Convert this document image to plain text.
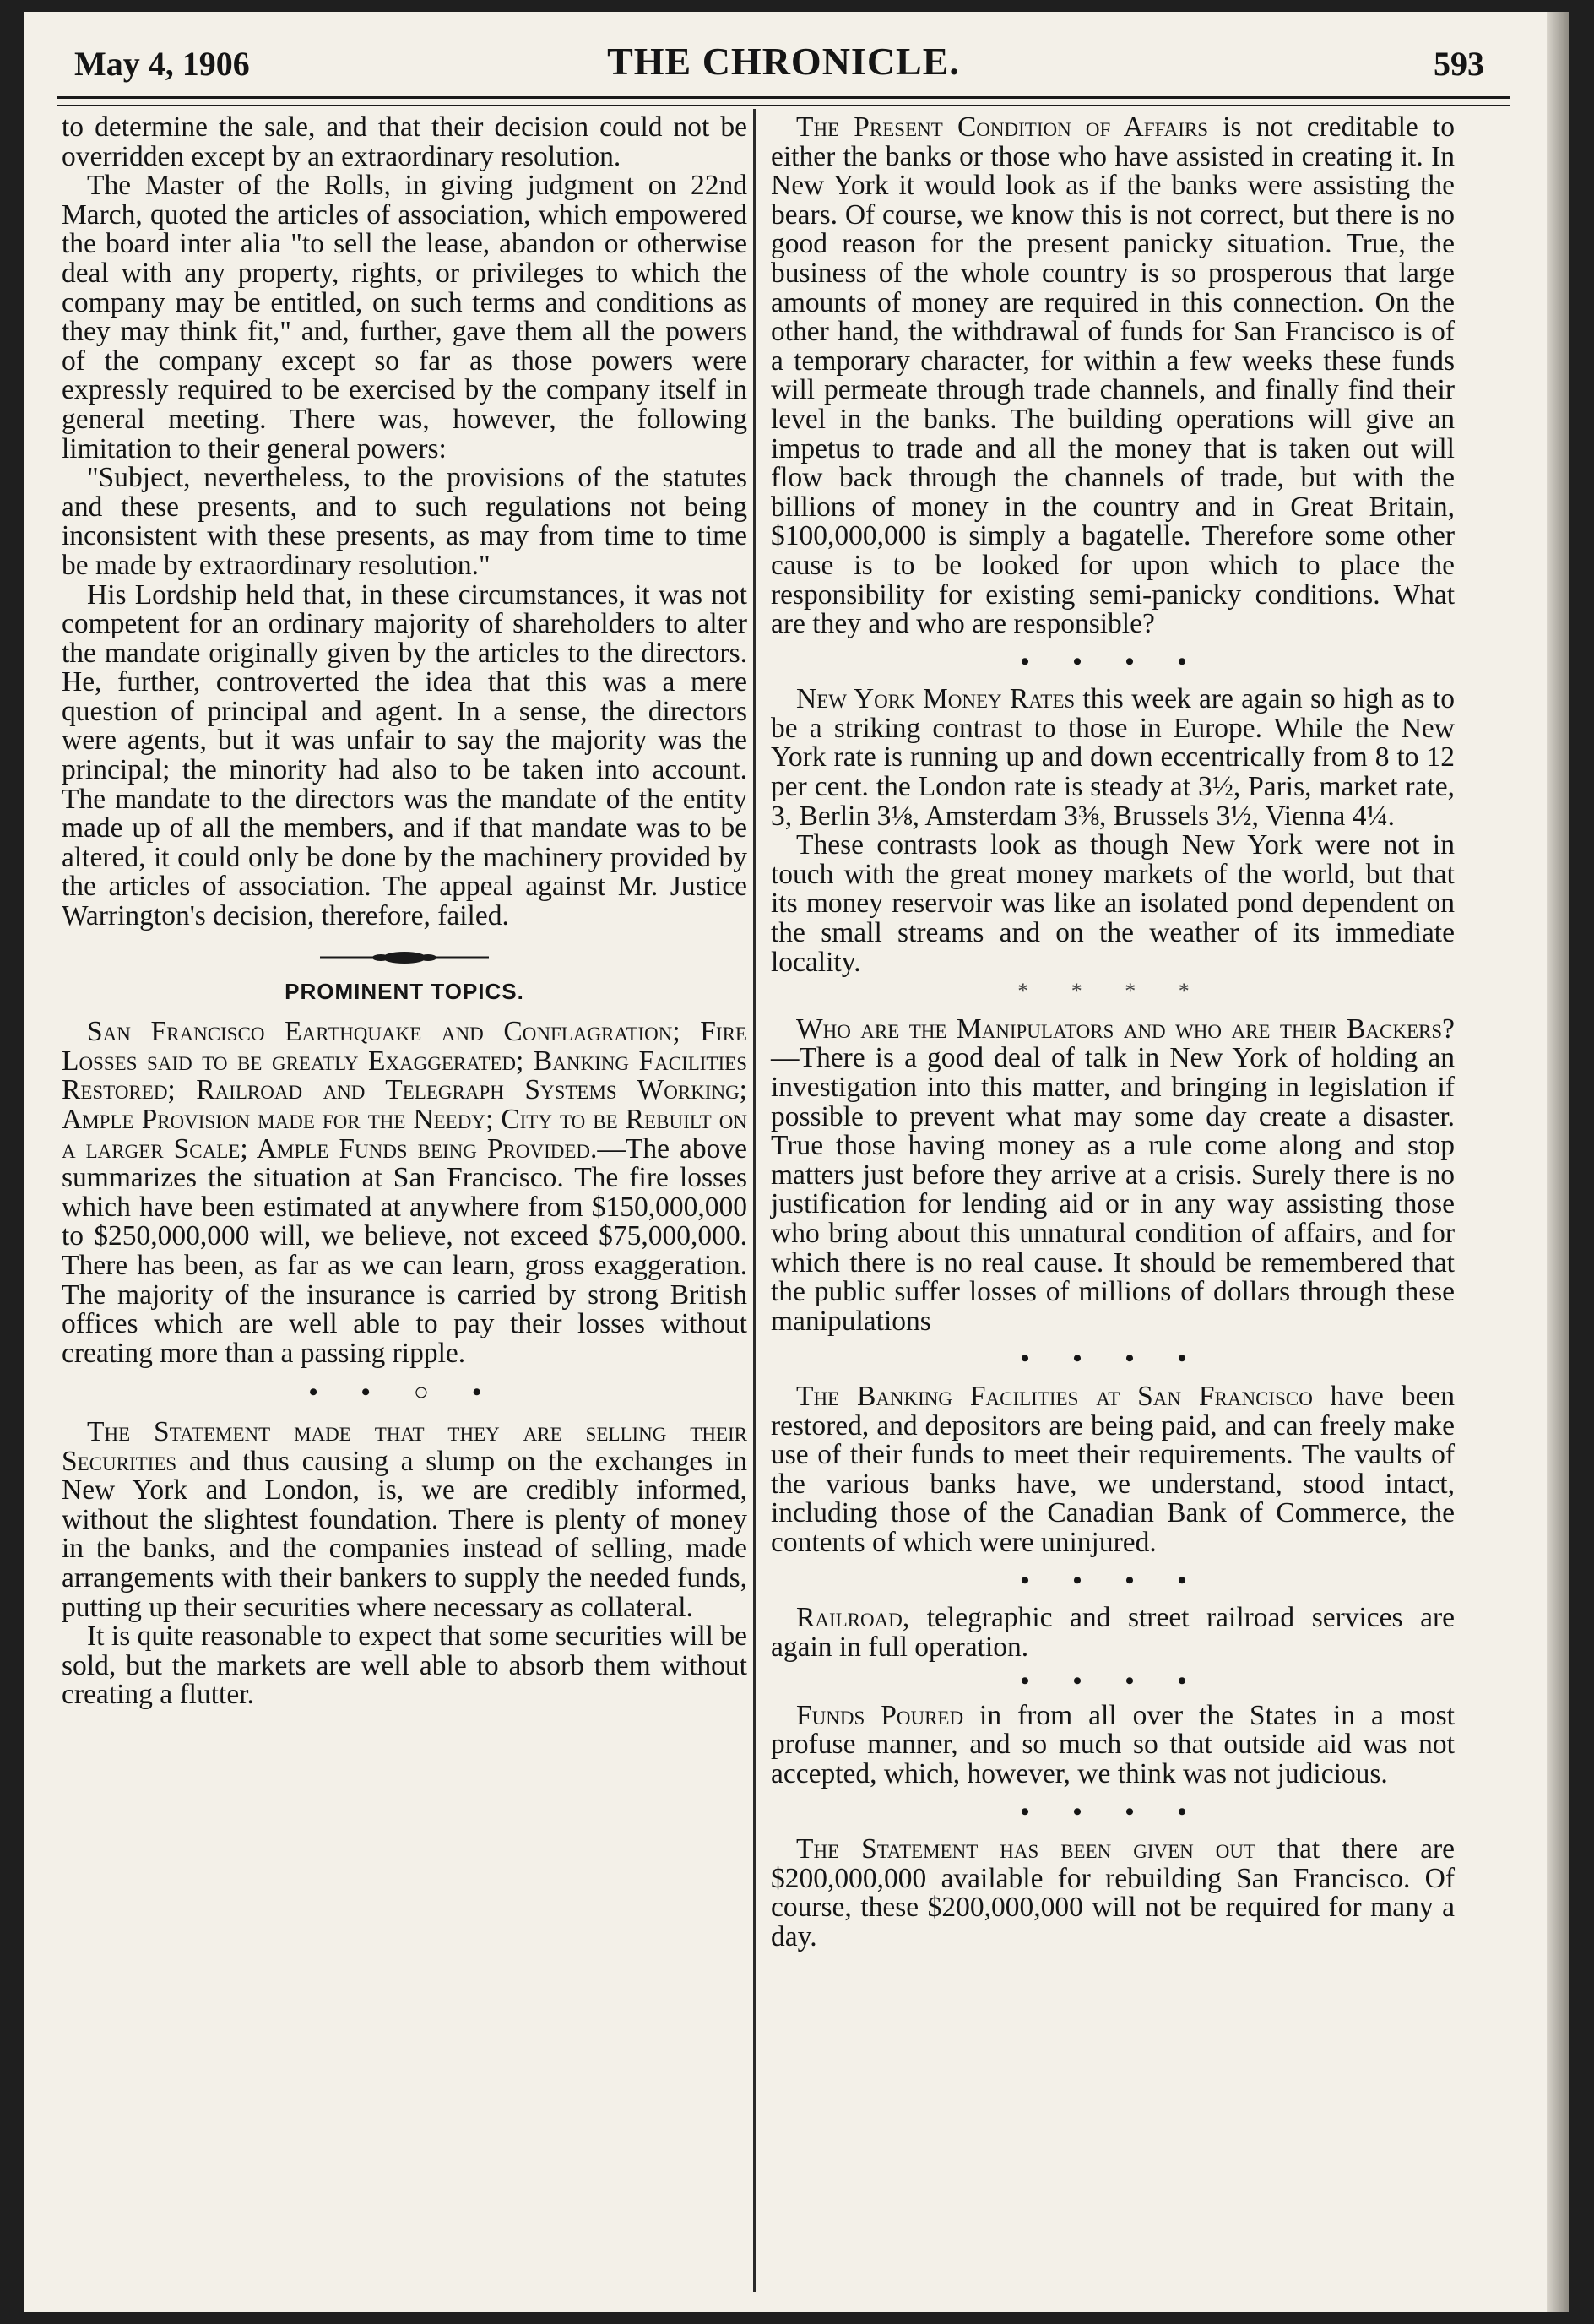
May 4, 1906	THE CHRONICLE.	593

to determine the sale, and that their decision could not be overridden except by an extraordinary resolution.

The Master of the Rolls, in giving judgment on 22nd March, quoted the articles of association, which empowered the board inter alia "to sell the lease, abandon or otherwise deal with any property, rights, or privileges to which the company may be entitled, on such terms and conditions as they may think fit," and, further, gave them all the powers of the company except so far as those powers were expressly required to be exercised by the company itself in general meeting. There was, however, the following limitation to their general powers:

"Subject, nevertheless, to the provisions of the statutes and these presents, and to such regulations not being inconsistent with these presents, as may from time to time be made by extraordinary resolution."

His Lordship held that, in these circumstances, it was not competent for an ordinary majority of shareholders to alter the mandate originally given by the articles to the directors. He, further, controverted the idea that this was a mere question of principal and agent. In a sense, the directors were agents, but it was unfair to say the majority was the principal; the minority had also to be taken into account. The mandate to the directors was the mandate of the entity made up of all the members, and if that mandate was to be altered, it could only be done by the machinery provided by the articles of association. The appeal against Mr. Justice Warrington's decision, therefore, failed.

PROMINENT TOPICS.

San Francisco Earthquake and Conflagration; Fire Losses said to be greatly Exaggerated; Banking Facilities Restored; Railroad and Telegraph Systems Working; Ample Provision made for the Needy; City to be Rebuilt on a larger Scale; Ample Funds being Provided.—The above summarizes the situation at San Francisco. The fire losses which have been estimated at anywhere from $150,000,000 to $250,000,000 will, we believe, not exceed $75,000,000. There has been, as far as we can learn, gross exaggeration. The majority of the insurance is carried by strong British offices which are well able to pay their losses without creating more than a passing ripple.

• • ○ •

The Statement made that they are selling their Securities and thus causing a slump on the exchanges in New York and London, is, we are credibly informed, without the slightest foundation. There is plenty of money in the banks, and the companies instead of selling, made arrangements with their bankers to supply the needed funds, putting up their securities where necessary as collateral.

It is quite reasonable to expect that some securities will be sold, but the markets are well able to absorb them without creating a flutter.

The Present Condition of Affairs is not creditable to either the banks or those who have assisted in creating it. In New York it would look as if the banks were assisting the bears. Of course, we know this is not correct, but there is no good reason for the present panicky situation. True, the business of the whole country is so prosperous that large amounts of money are required in this connection. On the other hand, the withdrawal of funds for San Francisco is of a temporary character, for within a few weeks these funds will permeate through trade channels, and finally find their level in the banks. The building operations will give an impetus to trade and all the money that is taken out will flow back through the channels of trade, but with the billions of money in the country and in Great Britain, $100,000,000 is simply a bagatelle. Therefore some other cause is to be looked for upon which to place the responsibility for existing semi-panicky conditions. What are they and who are responsible?

• • • •

New York Money Rates this week are again so high as to be a striking contrast to those in Europe. While the New York rate is running up and down eccentrically from 8 to 12 per cent. the London rate is steady at 3½, Paris, market rate, 3, Berlin 3⅛, Amsterdam 3⅜, Brussels 3½, Vienna 4¼.

These contrasts look as though New York were not in touch with the great money markets of the world, but that its money reservoir was like an isolated pond dependent on the small streams and on the weather of its immediate locality.

* * * *

Who are the Manipulators and who are their Backers?—There is a good deal of talk in New York of holding an investigation into this matter, and bringing in legislation if possible to prevent what may some day create a disaster. True those having money as a rule come along and stop matters just before they arrive at a crisis. Surely there is no justification for lending aid or in any way assisting those who bring about this unnatural condition of affairs, and for which there is no real cause. It should be remembered that the public suffer losses of millions of dollars through these manipulations

• • • •

The Banking Facilities at San Francisco have been restored, and depositors are being paid, and can freely make use of their funds to meet their requirements. The vaults of the various banks have, we understand, stood intact, including those of the Canadian Bank of Commerce, the contents of which were uninjured.

• • • •

Railroad, telegraphic and street railroad services are again in full operation.

• • • •

Funds Poured in from all over the States in a most profuse manner, and so much so that outside aid was not accepted, which, however, we think was not judicious.

• • • •

The Statement has been given out that there are $200,000,000 available for rebuilding San Francisco. Of course, these $200,000,000 will not be required for many a day.
